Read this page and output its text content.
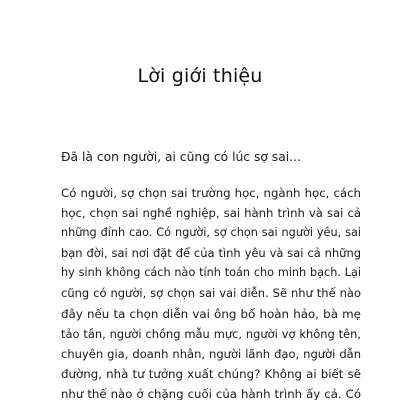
Lời giới thiệu

Đã là con người, ai cũng có lúc sợ sai...

Có người, sợ chọn sai trường học, ngành học, cách
học, chọn sai nghề nghiệp, sai hành trình và sai cả
những đỉnh cao. Có người, sợ chọn sai người yêu, sai
bạn đời, sai nơi đặt để của tình yêu và sai cả những
hy sinh không cách nào tính toán cho minh bạch. Lại
cũng có người, sợ chọn sai vai diễn. Sẽ như thế nào
đây nếu ta chọn diễn vai ông bố hoàn hảo, bà mẹ
tảo tần, người chồng mẫu mực, người vợ không tên,
chuyên gia, doanh nhân, người lãnh đạo, người dẫn
đường, nhà tư tưởng xuất chúng? Không ai biết sẽ
như thế nào ở chặng cuối của hành trình ấy cả. Có
